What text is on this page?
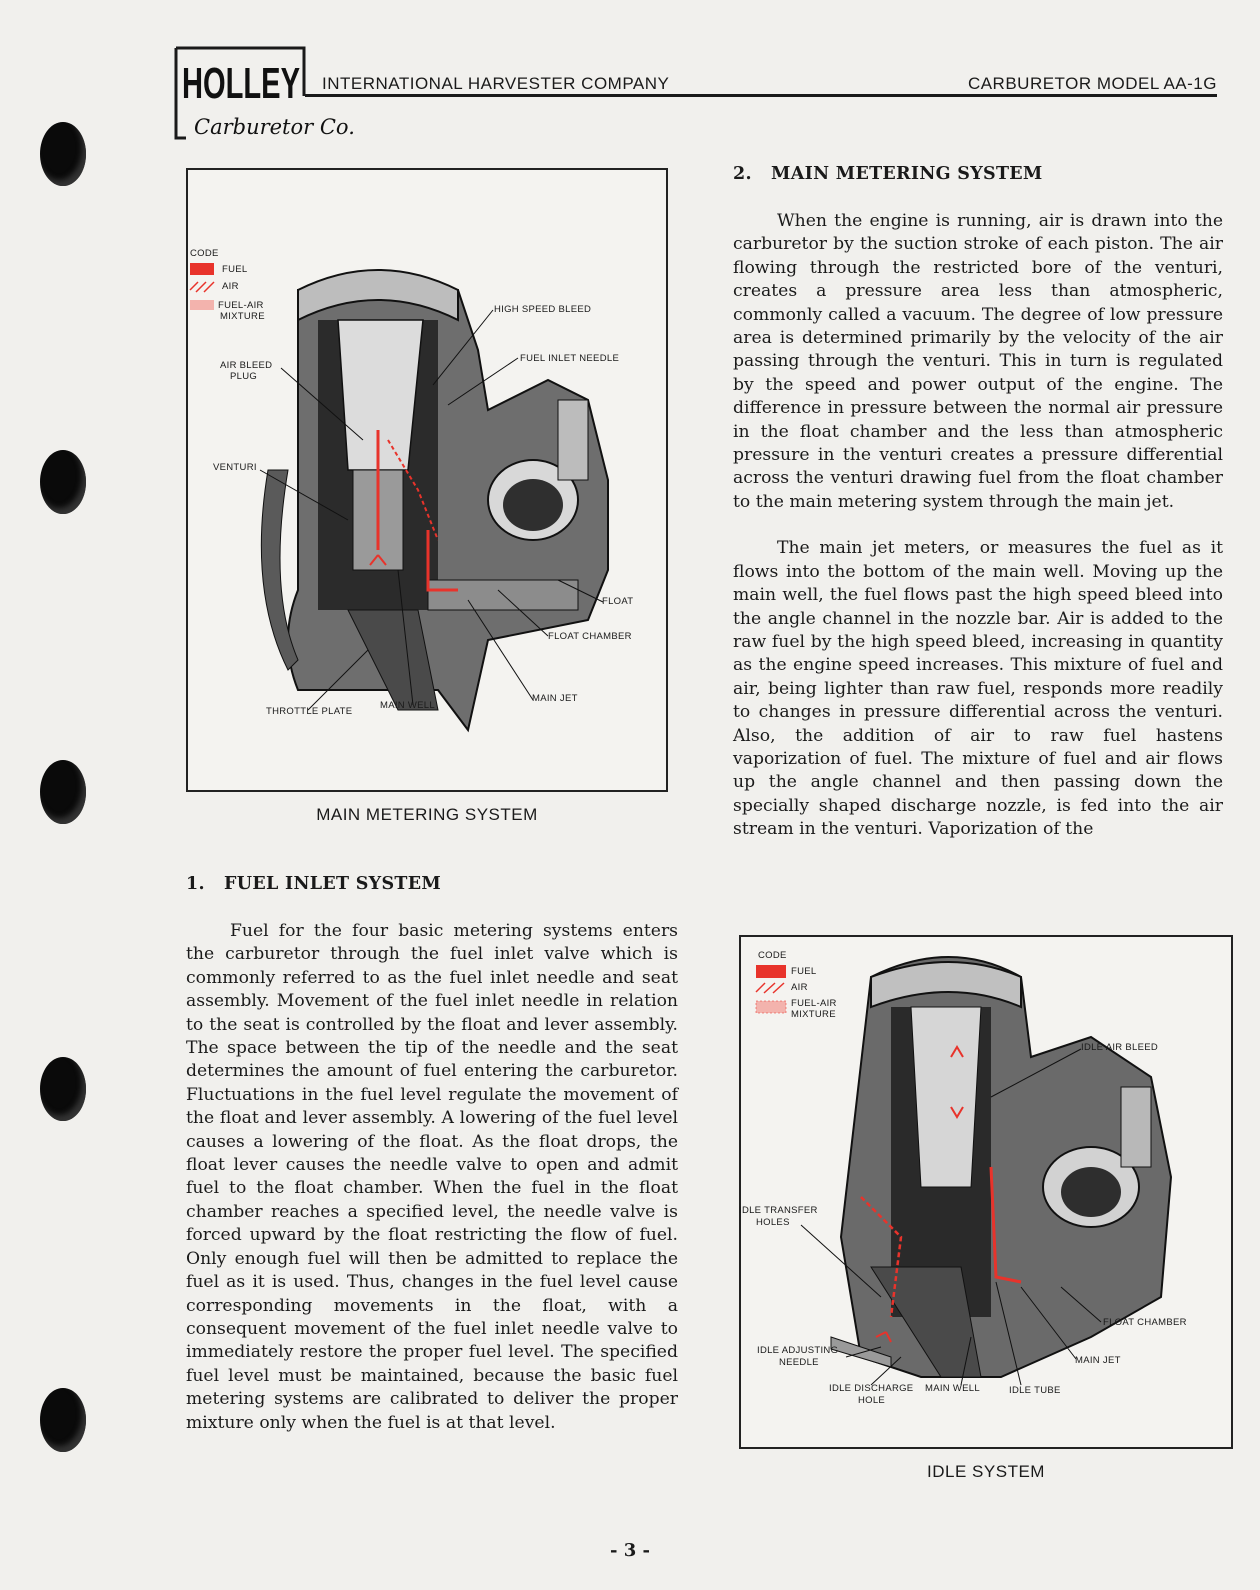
HOLLEY
Carburetor Co.
INTERNATIONAL HARVESTER COMPANY	CARBURETOR MODEL AA-1G
CODE
FUEL
AIR
FUEL-AIR
MIXTURE
HIGH SPEED BLEED
FUEL INLET NEEDLE
AIR BLEED
PLUG
VENTURI
FLOAT
FLOAT CHAMBER
MAIN JET
MAIN WELL
THROTTLE PLATE
MAIN METERING SYSTEM
1.   FUEL INLET SYSTEM

Fuel for the four basic metering systems enters the carburetor through the fuel inlet valve which is commonly referred to as the fuel inlet needle and seat assembly. Movement of the fuel inlet needle in relation to the seat is controlled by the float and lever assembly. The space between the tip of the needle and the seat determines the amount of fuel entering the carburetor. Fluctuations in the fuel level regulate the movement of the float and lever assembly. A lowering of the fuel level causes a lowering of the float. As the float drops, the float lever causes the needle valve to open and admit fuel to the float chamber. When the fuel in the float chamber reaches a specified level, the needle valve is forced upward by the float restricting the flow of fuel. Only enough fuel will then be admitted to replace the fuel as it is used. Thus, changes in the fuel level cause corresponding movements in the float, with a consequent movement of the fuel inlet needle valve to immediately restore the proper fuel level. The specified fuel level must be maintained, because the basic fuel metering systems are calibrated to deliver the proper mixture only when the fuel is at that level.

2.   MAIN METERING SYSTEM

When the engine is running, air is drawn into the carburetor by the suction stroke of each piston. The air flowing through the restricted bore of the venturi, creates a pressure area less than atmospheric, commonly called a vacuum. The degree of low pressure area is determined primarily by the velocity of the air passing through the venturi. This in turn is regulated by the speed and power output of the engine. The difference in pressure between the normal air pressure in the float chamber and the less than atmospheric pressure in the venturi creates a pressure differential across the venturi drawing fuel from the float chamber to the main metering system through the main jet.

The main jet meters, or measures the fuel as it flows into the bottom of the main well. Moving up the main well, the fuel flows past the high speed bleed into the angle channel in the nozzle bar. Air is added to the raw fuel by the high speed bleed, increasing in quantity as the engine speed increases. This mixture of fuel and air, being lighter than raw fuel, responds more readily to changes in pressure differential across the venturi. Also, the addition of air to raw fuel hastens vaporization of fuel. The mixture of fuel and air flows up the angle channel and then passing down the specially shaped discharge nozzle, is fed into the air stream in the venturi. Vaporization of the

CODE
FUEL
AIR
FUEL-AIR
MIXTURE
IDLE AIR BLEED
IDLE TRANSFER
HOLES
FLOAT CHAMBER
MAIN JET
IDLE ADJUSTING
NEEDLE
IDLE DISCHARGE
HOLE
MAIN WELL	IDLE TUBE
IDLE SYSTEM
- 3 -
